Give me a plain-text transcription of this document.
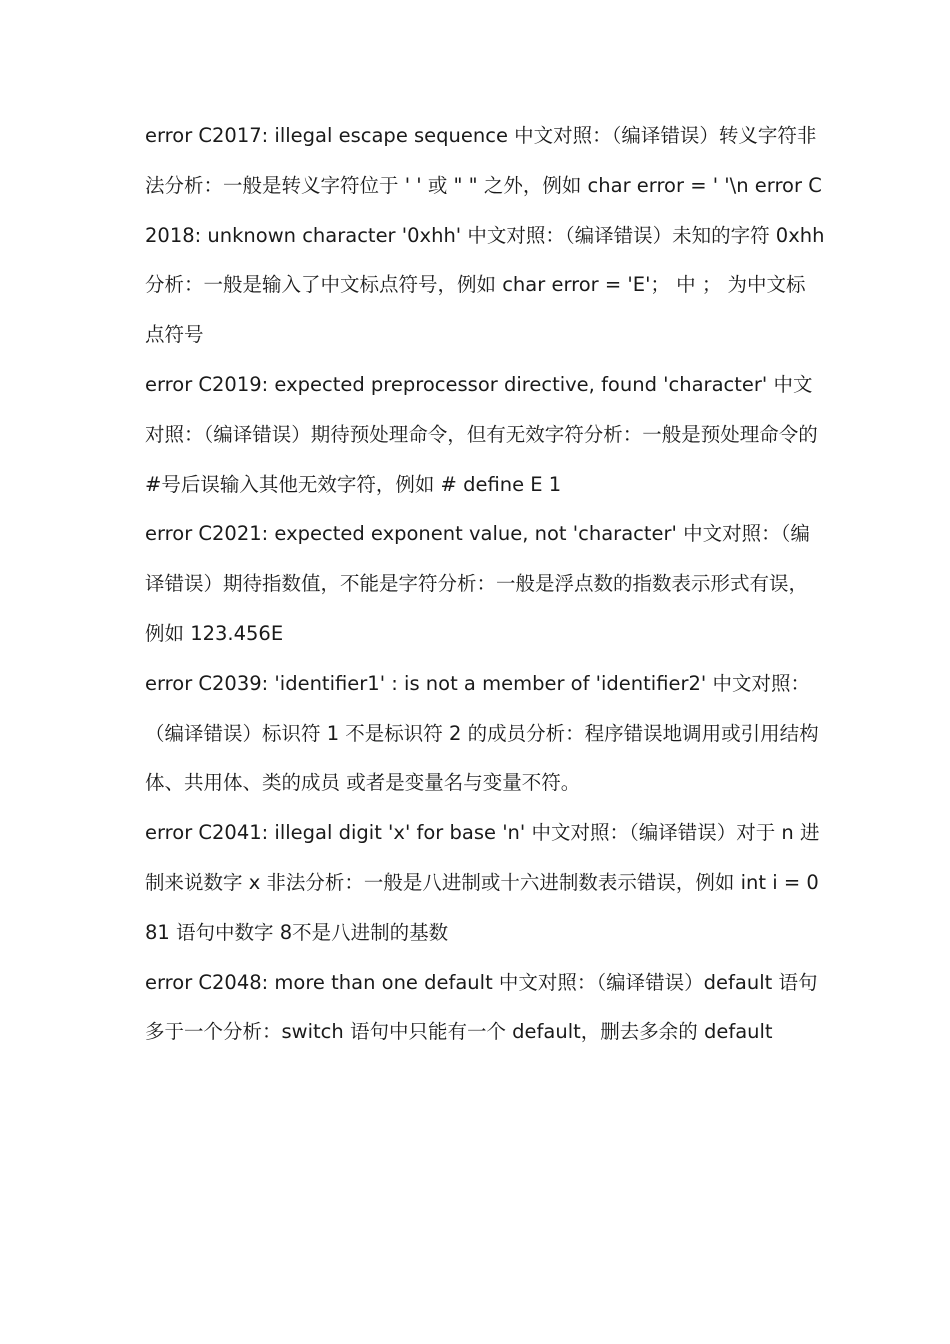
error C2017: illegal escape sequence 中文对照：（编译错误）转义字符非法分析：一般是转义字符位于 ' ' 或 " " 之外，例如 char error = ' '\n error C2018: unknown character '0xhh' 中文对照：（编译错误）未知的字符 0xhh 分析：一般是输入了中文标点符号，例如 char error = 'E'； 中 ； 为中文标点符号

error C2019: expected preprocessor directive, found 'character' 中文对照：（编译错误）期待预处理命令，但有无效字符分析：一般是预处理命令的#号后误输入其他无效字符，例如 # define E 1

error C2021: expected exponent value, not 'character' 中文对照：（编译错误）期待指数值，不能是字符分析：一般是浮点数的指数表示形式有误，例如 123.456E

error C2039: 'identifier1' : is not a member of 'identifier2' 中文对照：（编译错误）标识符 1 不是标识符 2 的成员分析：程序错误地调用或引用结构体、共用体、类的成员 或者是变量名与变量不符。

error C2041: illegal digit 'x' for base 'n' 中文对照：（编译错误）对于 n 进制来说数字 x 非法分析：一般是八进制或十六进制数表示错误，例如 int i = 081 语句中数字 8不是八进制的基数

error C2048: more than one default 中文对照：（编译错误）default 语句多于一个分析：switch 语句中只能有一个 default，删去多余的 default
